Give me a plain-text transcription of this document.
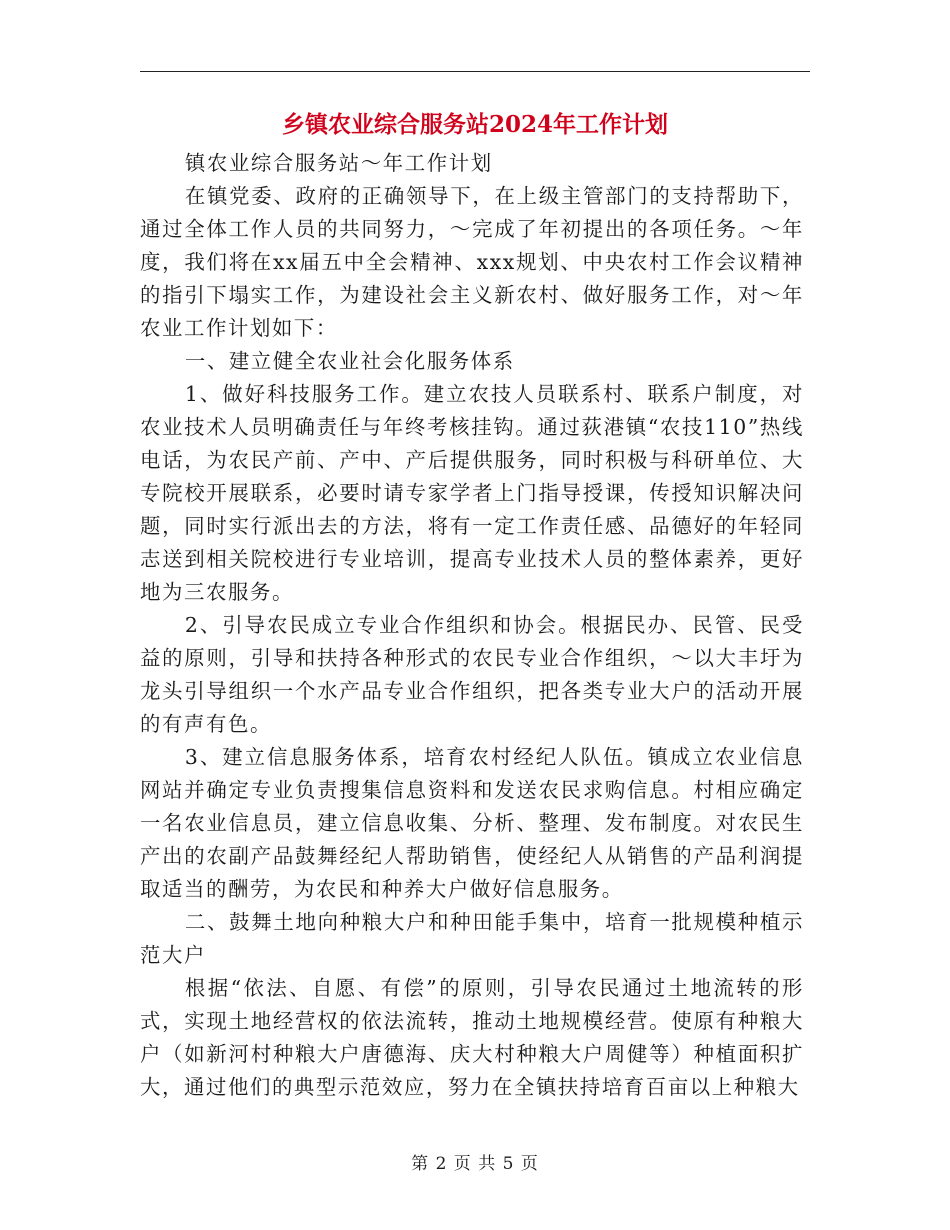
乡镇农业综合服务站2024年工作计划

镇农业综合服务站～年工作计划

在镇党委、政府的正确领导下，在上级主管部门的支持帮助下，通过全体工作人员的共同努力，～完成了年初提出的各项任务。～年度，我们将在xx届五中全会精神、xxx规划、中央农村工作会议精神的指引下塌实工作，为建设社会主义新农村、做好服务工作，对～年农业工作计划如下：

一、建立健全农业社会化服务体系

1、做好科技服务工作。建立农技人员联系村、联系户制度，对农业技术人员明确责任与年终考核挂钩。通过荻港镇“农技110”热线电话，为农民产前、产中、产后提供服务，同时积极与科研单位、大专院校开展联系，必要时请专家学者上门指导授课，传授知识解决问题，同时实行派出去的方法，将有一定工作责任感、品德好的年轻同志送到相关院校进行专业培训，提高专业技术人员的整体素养，更好地为三农服务。

2、引导农民成立专业合作组织和协会。根据民办、民管、民受益的原则，引导和扶持各种形式的农民专业合作组织，～以大丰圩为龙头引导组织一个水产品专业合作组织，把各类专业大户的活动开展的有声有色。

3、建立信息服务体系，培育农村经纪人队伍。镇成立农业信息网站并确定专业负责搜集信息资料和发送农民求购信息。村相应确定一名农业信息员，建立信息收集、分析、整理、发布制度。对农民生产出的农副产品鼓舞经纪人帮助销售，使经纪人从销售的产品利润提取适当的酬劳，为农民和种养大户做好信息服务。

二、鼓舞土地向种粮大户和种田能手集中，培育一批规模种植示范大户

根据“依法、自愿、有偿”的原则，引导农民通过土地流转的形式，实现土地经营权的依法流转，推动土地规模经营。使原有种粮大户（如新河村种粮大户唐德海、庆大村种粮大户周健等）种植面积扩大，通过他们的典型示范效应，努力在全镇扶持培育百亩以上种粮大

第 2 页 共 5 页
